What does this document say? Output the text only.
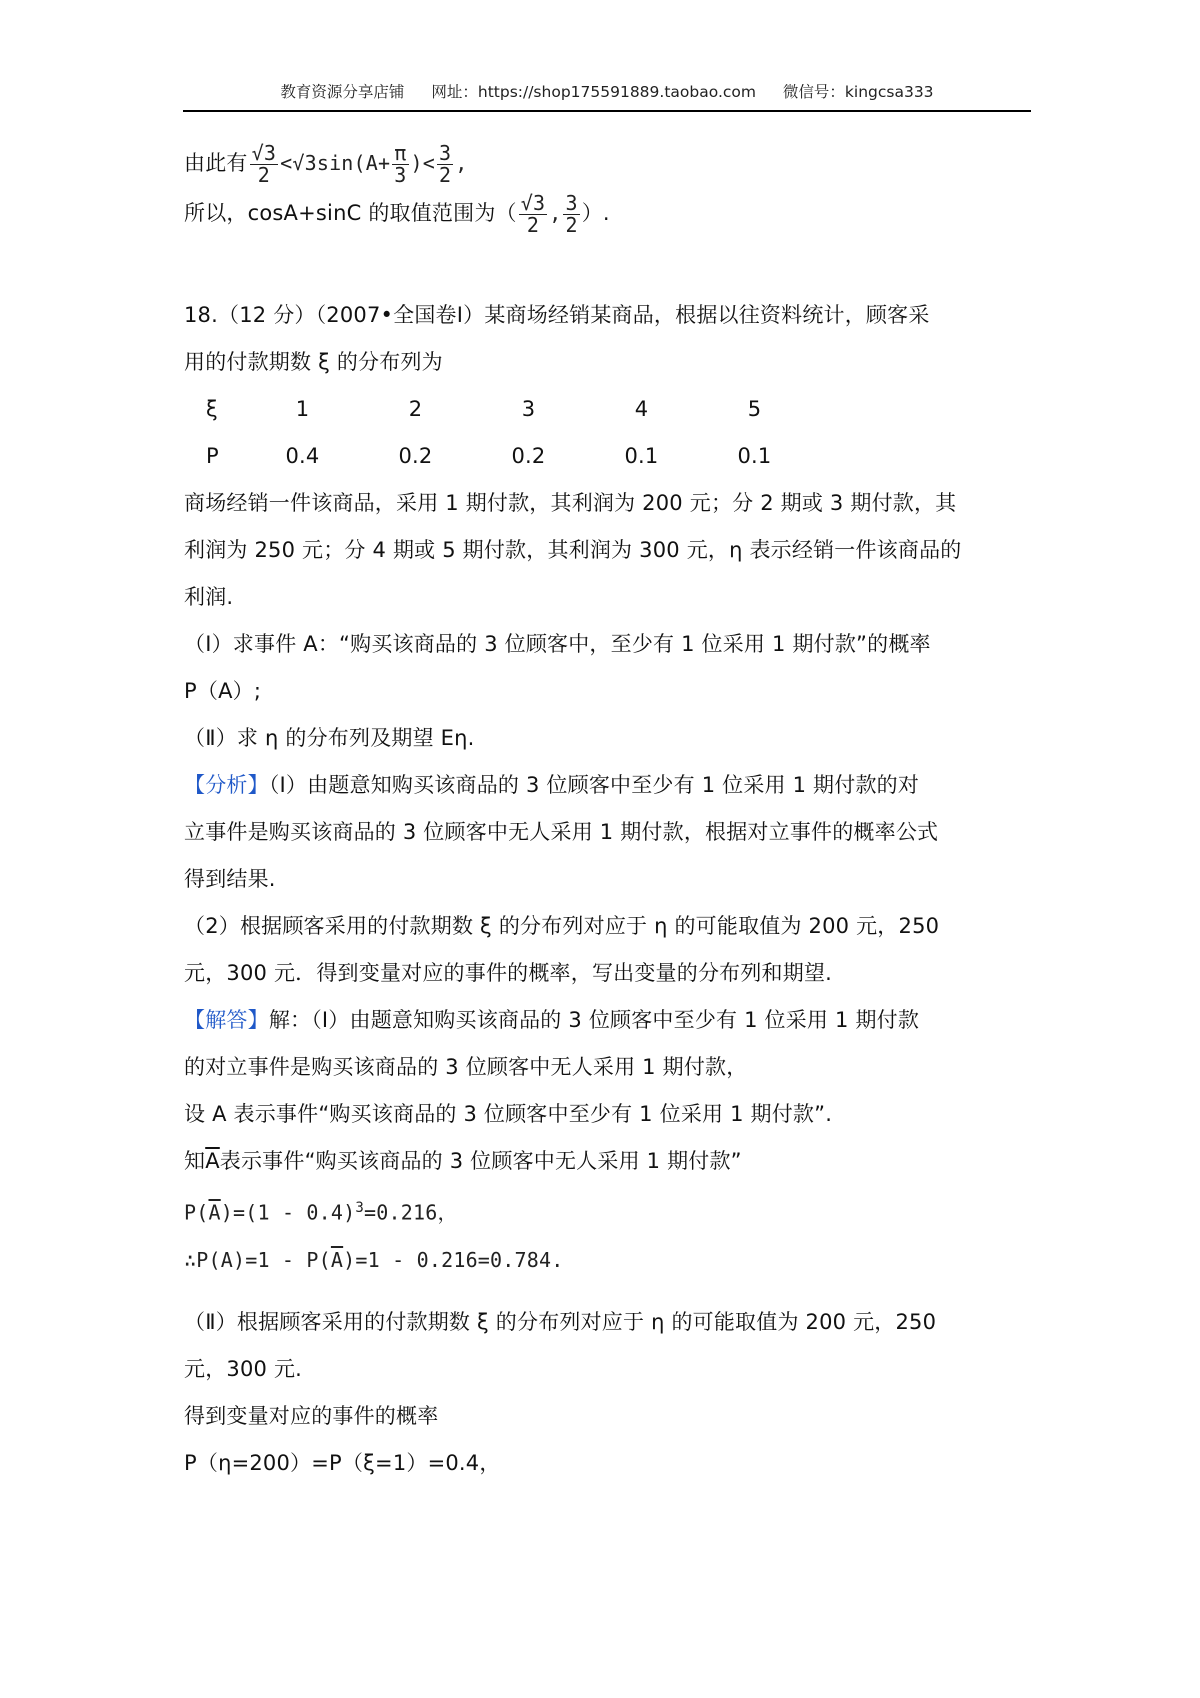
教育资源分享店铺 网址：https://shop175591889.taobao.com 微信号：kingcsa333
由此有 $\frac{√3}{2} <√3\sin(A+ \frac{\pi}{3}$ )< $\frac{3}{2}$ ,
所以，cosA+sinC 的取值范围为（ $\frac{√3}{2}$ , $\frac{3}{2}$ ）.
18.（12 分）（2007•全国卷Ⅰ）某商场经销某商品，根据以往资料统计，顾客采
用的付款期数 ξ 的分布列为
ξ	1	2	3	4	5
P	0.4	0.2	0.2	0.1	0.1
商场经销一件该商品，采用 1 期付款，其利润为 200 元；分 2 期或 3 期付款，其
利润为 250 元；分 4 期或 5 期付款，其利润为 300 元，η 表示经销一件该商品的
利润.
（Ⅰ）求事件 A：“购买该商品的 3 位顾客中，至少有 1 位采用 1 期付款”的概率
P（A）;
（Ⅱ）求 η 的分布列及期望 Eη.
【分析】（Ⅰ）由题意知购买该商品的 3 位顾客中至少有 1 位采用 1 期付款的对
立事件是购买该商品的 3 位顾客中无人采用 1 期付款，根据对立事件的概率公式
得到结果.
（2）根据顾客采用的付款期数 ξ 的分布列对应于 η 的可能取值为 200 元，250
元，300 元．得到变量对应的事件的概率，写出变量的分布列和期望.
【解答】解：（Ⅰ）由题意知购买该商品的 3 位顾客中至少有 1 位采用 1 期付款
的对立事件是购买该商品的 3 位顾客中无人采用 1 期付款，
设 A 表示事件“购买该商品的 3 位顾客中至少有 1 位采用 1 期付款”.
知$\overline{A}$表示事件“购买该商品的 3 位顾客中无人采用 1 期付款”
$P(\overline{A})=(1 - 0.4)^3=0.216$，
∴P(A)=1 - $P(\overline{A})=1 - 0.216=0.784$.
（Ⅱ）根据顾客采用的付款期数 ξ 的分布列对应于 η 的可能取值为 200 元，250
元，300 元.
得到变量对应的事件的概率
P（η=200）=P（ξ=1）=0.4，
